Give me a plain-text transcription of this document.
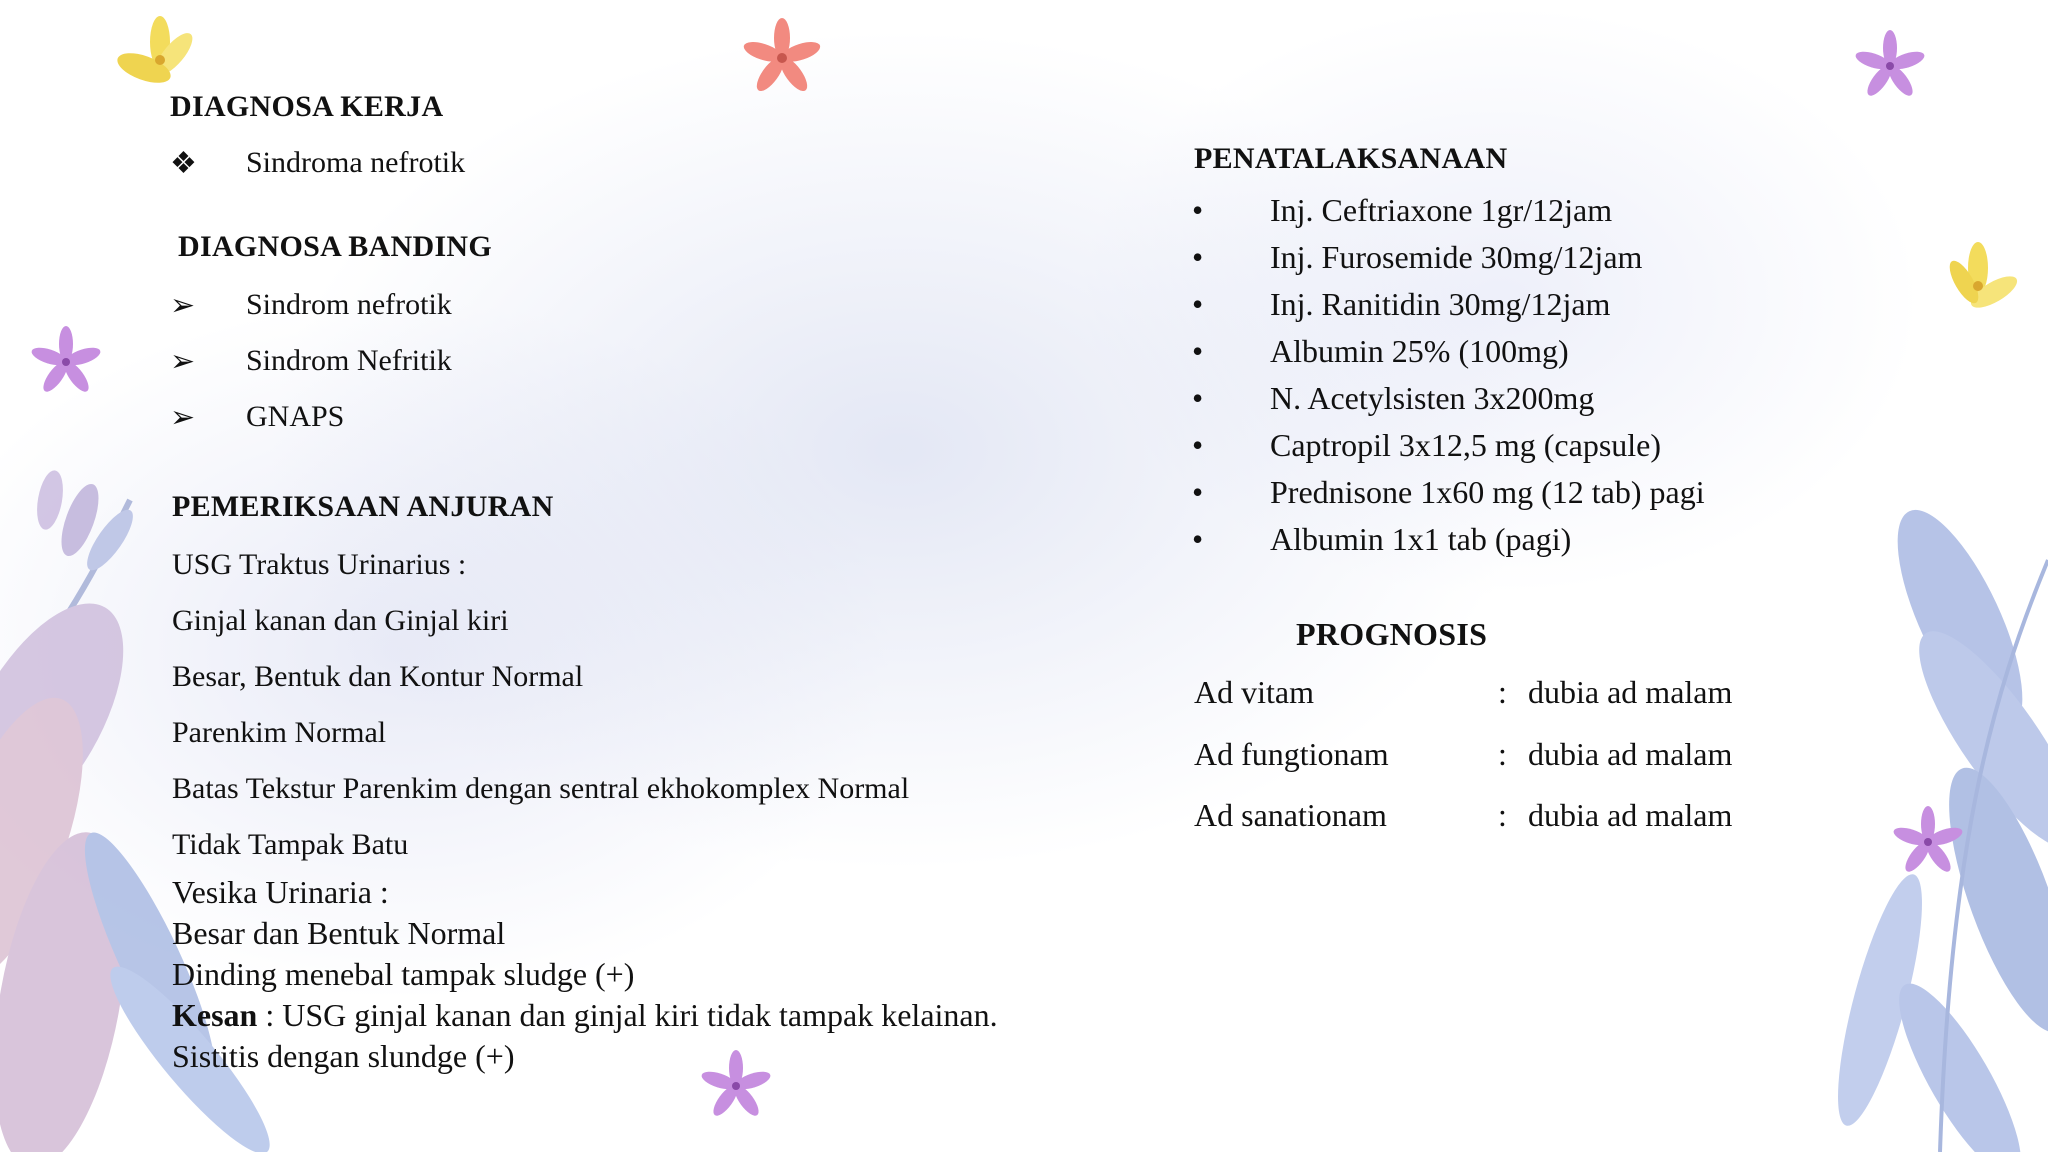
DIAGNOSA KERJA
❖ Sindroma nefrotik
DIAGNOSA BANDING
➢ Sindrom nefrotik
➢ Sindrom Nefritik
➢ GNAPS
PEMERIKSAAN ANJURAN
USG Traktus Urinarius :
Ginjal kanan dan Ginjal kiri
Besar, Bentuk dan Kontur Normal
Parenkim Normal
Batas Tekstur Parenkim dengan sentral ekhokomplex Normal
Tidak Tampak Batu
Vesika Urinaria :
Besar dan Bentuk Normal
Dinding menebal tampak sludge (+)
Kesan : USG ginjal kanan dan ginjal kiri tidak tampak kelainan.
Sistitis dengan slundge (+)
PENATALAKSANAAN
• Inj. Ceftriaxone 1gr/12jam
• Inj. Furosemide 30mg/12jam
• Inj. Ranitidin 30mg/12jam
• Albumin 25% (100mg)
• N. Acetylsisten 3x200mg
• Captropil 3x12,5 mg (capsule)
• Prednisone 1x60 mg (12 tab) pagi
• Albumin 1x1 tab (pagi)
PROGNOSIS
Ad vitam	: dubia ad malam
Ad fungtionam	: dubia ad malam
Ad sanationam	: dubia ad malam
